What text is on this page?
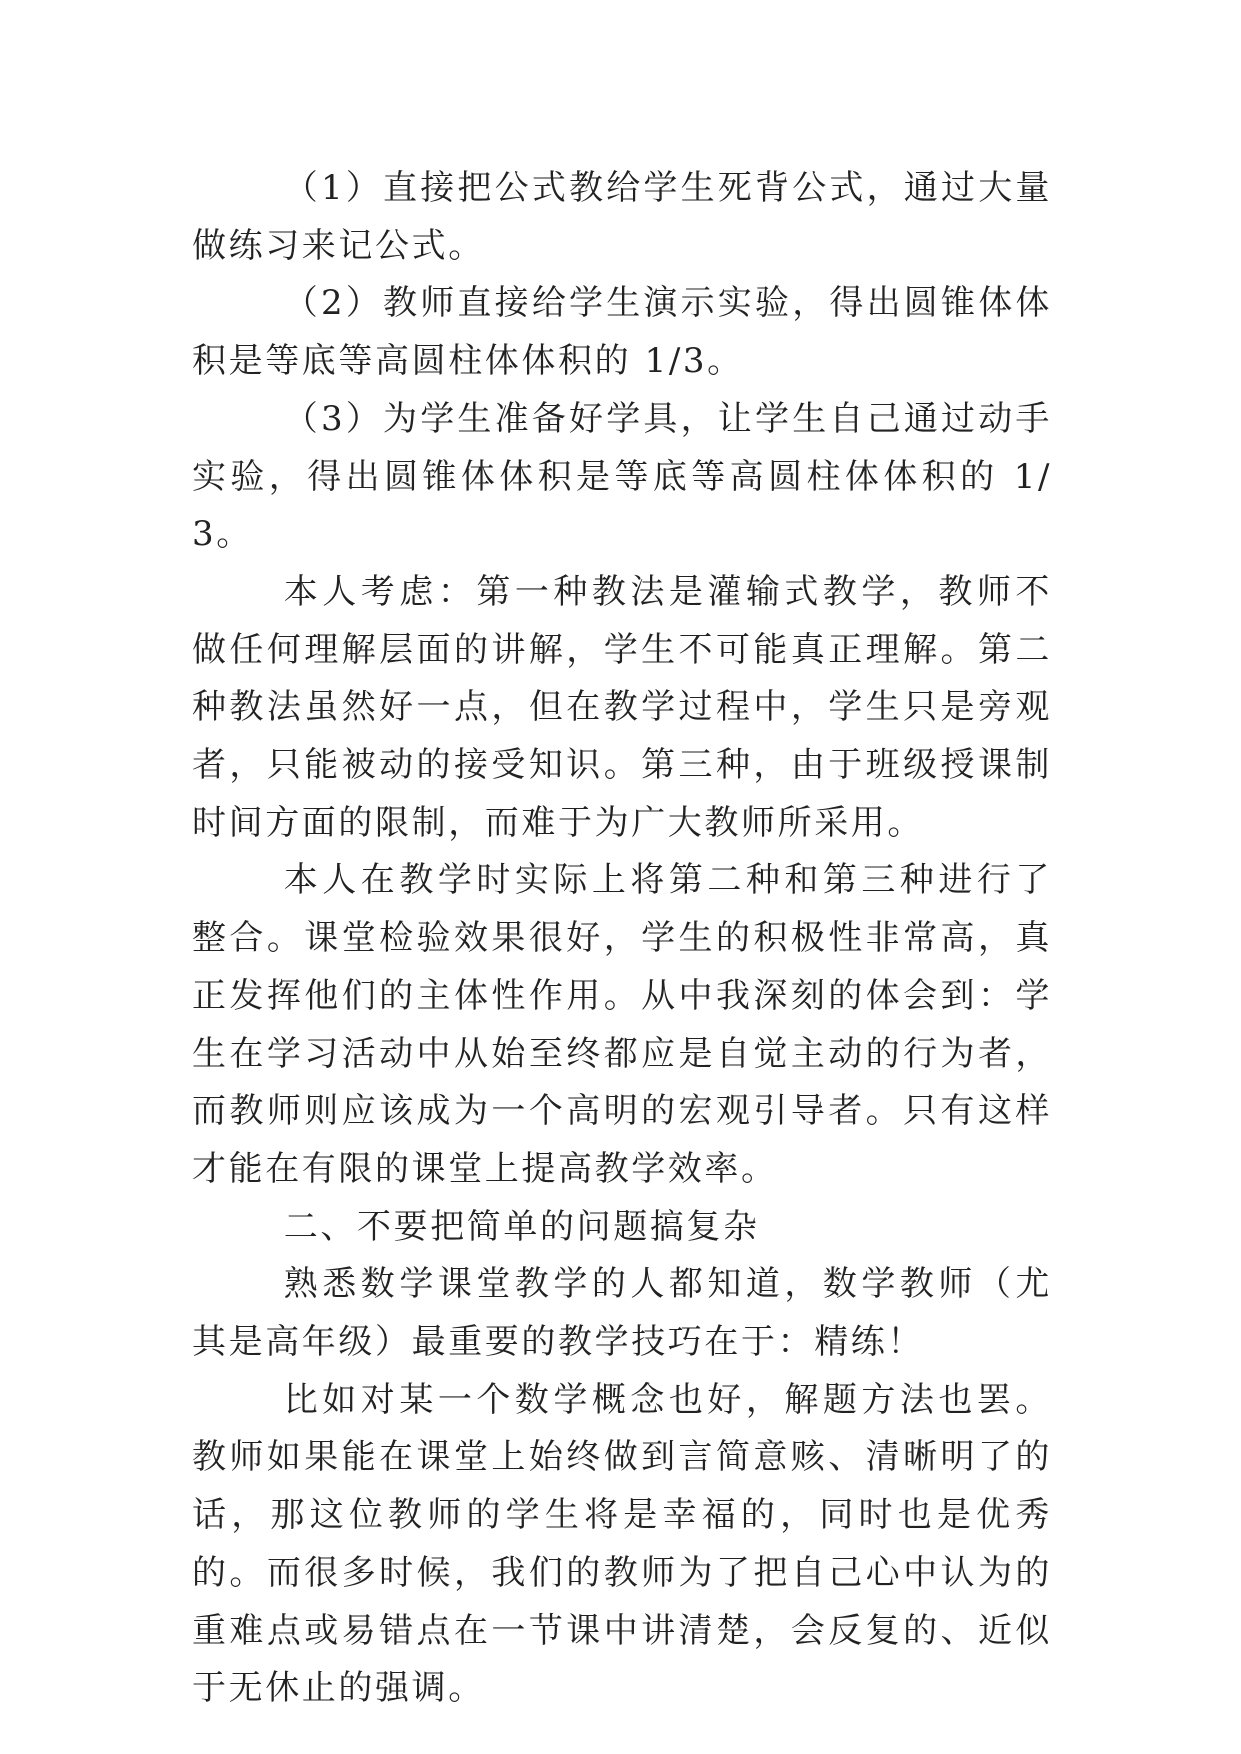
（1）直接把公式教给学生死背公式，通过大量做练习来记公式。

（2）教师直接给学生演示实验，得出圆锥体体积是等底等高圆柱体体积的 1/3。

（3）为学生准备好学具，让学生自己通过动手实验，得出圆锥体体积是等底等高圆柱体体积的 1/3。

本人考虑：第一种教法是灌输式教学，教师不做任何理解层面的讲解，学生不可能真正理解。第二种教法虽然好一点，但在教学过程中，学生只是旁观者，只能被动的接受知识。第三种，由于班级授课制时间方面的限制，而难于为广大教师所采用。

本人在教学时实际上将第二种和第三种进行了整合。课堂检验效果很好，学生的积极性非常高，真正发挥他们的主体性作用。从中我深刻的体会到：学生在学习活动中从始至终都应是自觉主动的行为者，而教师则应该成为一个高明的宏观引导者。只有这样才能在有限的课堂上提高教学效率。

二、不要把简单的问题搞复杂

熟悉数学课堂教学的人都知道，数学教师（尤其是高年级）最重要的教学技巧在于：精练！

比如对某一个数学概念也好，解题方法也罢。教师如果能在课堂上始终做到言简意赅、清晰明了的话，那这位教师的学生将是幸福的，同时也是优秀的。而很多时候，我们的教师为了把自己心中认为的重难点或易错点在一节课中讲清楚，会反复的、近似于无休止的强调。
